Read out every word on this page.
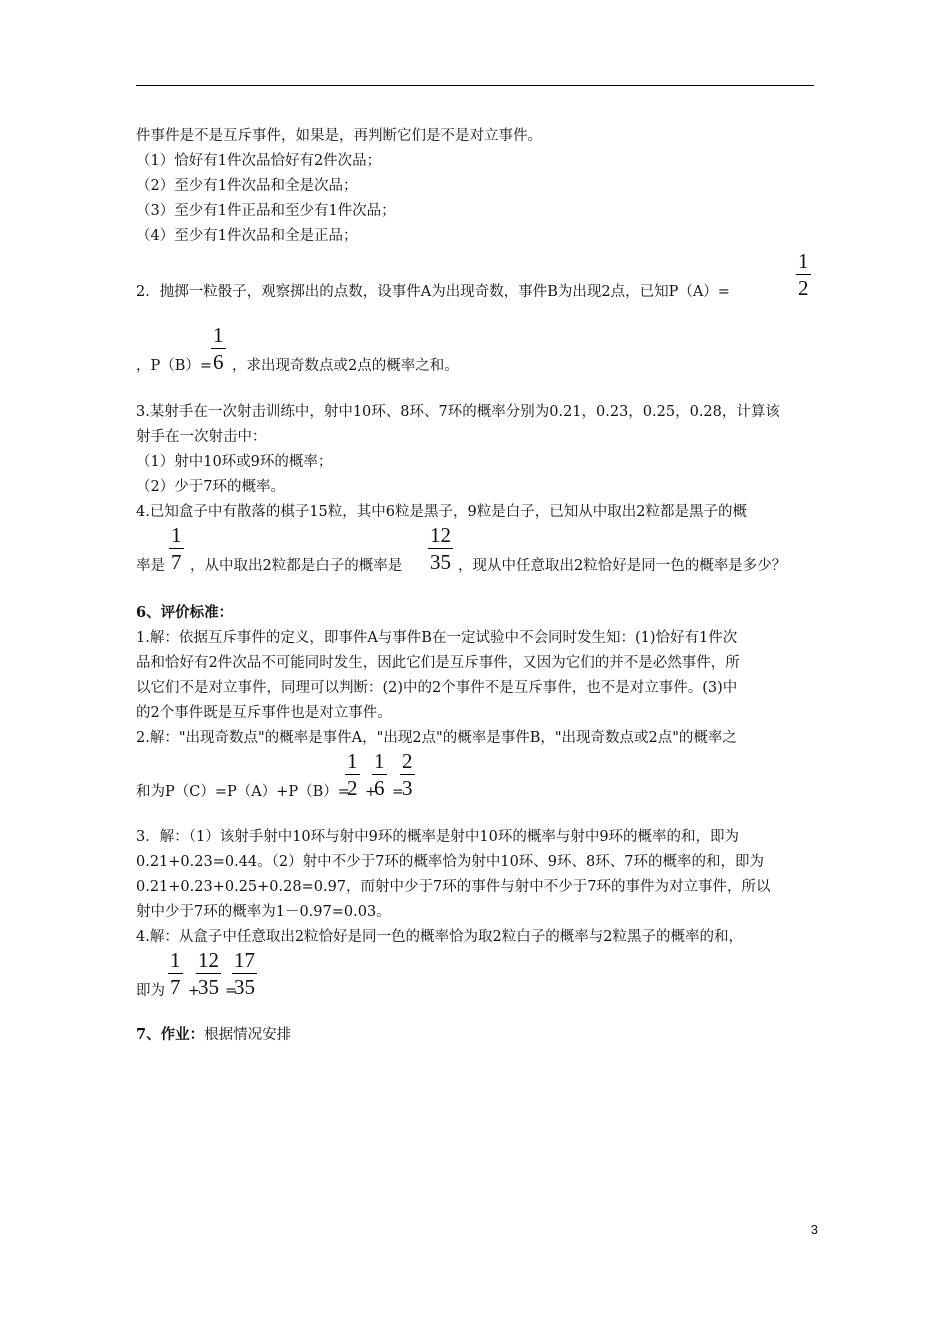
件事件是不是互斥事件，如果是，再判断它们是不是对立事件。
（1）恰好有1件次品恰好有2件次品；
（2）至少有1件次品和全是次品；
（3）至少有1件正品和至少有1件次品；
（4）至少有1件次品和全是正品；
2．抛掷一粒骰子，观察掷出的点数，设事件A为出现奇数，事件B为出现2点，已知P（A）=	$\frac{1}{2}$
，P（B）=
$\frac{1}{6}$ ，求出现奇数点或2点的概率之和。
3.某射手在一次射击训练中，射中10环、8环、7环的概率分别为0.21，0.23，0.25，0.28，计算该
射手在一次射击中：
（1）射中10环或9环的概率；
（2）少于7环的概率。
4.已知盒子中有散落的棋子15粒，其中6粒是黑子，9粒是白子，已知从中取出2粒都是黑子的概
率是 $\frac{1}{7}$ ，从中取出2粒都是白子的概率是 $\frac{12}{35}$ ，现从中任意取出2粒恰好是同一色的概率是多少？
6、评价标准：
1.解：依据互斥事件的定义，即事件A与事件B在一定试验中不会同时发生知：(1)恰好有1件次
品和恰好有2件次品不可能同时发生，因此它们是互斥事件，又因为它们的并不是必然事件，所
以它们不是对立事件，同理可以判断：(2)中的2个事件不是互斥事件，也不是对立事件。(3)中
的2个事件既是互斥事件也是对立事件。
2.解："出现奇数点"的概率是事件A，"出现2点"的概率是事件B，"出现奇数点或2点"的概率之
和为P（C）=P（A）+P（B）=
$\frac{1}{2}$ +
$\frac{1}{6}$ =
$\frac{2}{3}$
3．解：（1）该射手射中10环与射中9环的概率是射中10环的概率与射中9环的概率的和，即为
0.21+0.23=0.44。（2）射中不少于7环的概率恰为射中10环、9环、8环、7环的概率的和，即为
0.21+0.23+0.25+0.28=0.97，而射中少于7环的事件与射中不少于7环的事件为对立事件，所以
射中少于7环的概率为1－0.97=0.03。
4.解：从盒子中任意取出2粒恰好是同一色的概率恰为取2粒白子的概率与2粒黑子的概率的和，
即为 $\frac{1}{7}$ +
$\frac{12}{35}$ =
$\frac{17}{35}$
7、作业：根据情况安排
3
